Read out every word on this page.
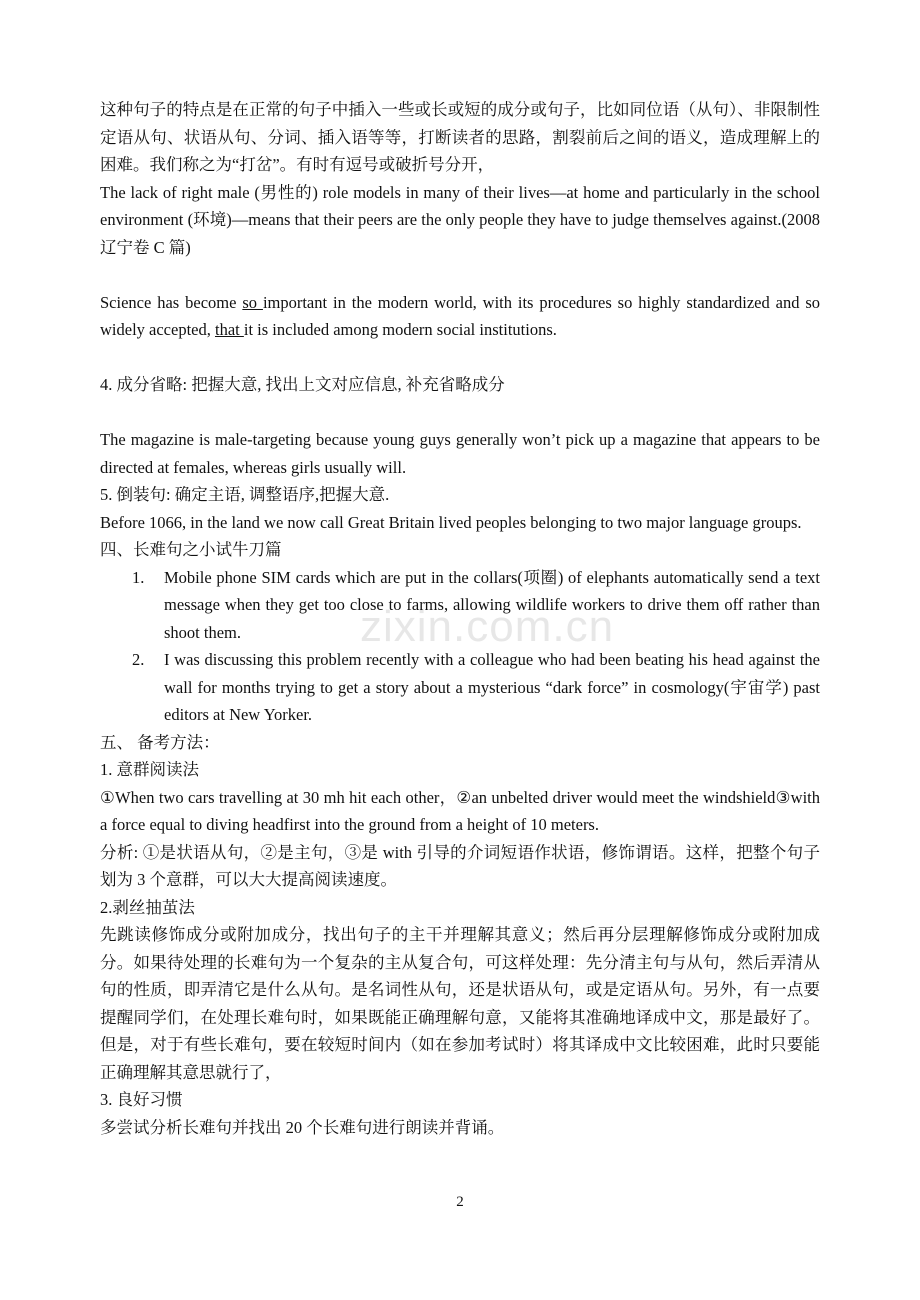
zixin.com.cn

这种句子的特点是在正常的句子中插入一些或长或短的成分或句子，比如同位语（从句）、非限制性定语从句、状语从句、分词、插入语等等，打断读者的思路，割裂前后之间的语义，造成理解上的困难。我们称之为“打岔”。有时有逗号或破折号分开，

The lack of right male (男性的) role models in many of their lives—at home and particularly in the school environment (环境)—means that their peers are the only people they have to judge themselves against.(2008 辽宁卷 C 篇)

Science has become so important in the modern world, with its procedures so highly standardized and so widely accepted, that it is included among modern social institutions.

4. 成分省略: 把握大意, 找出上文对应信息, 补充省略成分

The magazine is male-targeting because young guys generally won’t pick up a magazine that appears to be directed at females, whereas girls usually will.

5. 倒装句: 确定主语, 调整语序,把握大意.

Before 1066, in the land we now call Great Britain lived peoples belonging to two major language groups.

四、长难句之小试牛刀篇

1. Mobile phone SIM cards which are put in the collars(项圈) of elephants automatically send a text message when they get too close to farms, allowing wildlife workers to drive them off rather than shoot them.
2. I was discussing this problem recently with a colleague who had been beating his head against the wall for months trying to get a story about a mysterious “dark force” in cosmology(宇宙学) past editors at New Yorker.

五、 备考方法：

1. 意群阅读法

①When two cars travelling at 30 mh hit each other，②an unbelted driver would meet the windshield③with a force equal to diving headfirst into the ground from a height of 10 meters.

分析: ①是状语从句，②是主句，③是 with 引导的介词短语作状语，修饰谓语。这样，把整个句子划为 3 个意群，可以大大提高阅读速度。

2.剥丝抽茧法

先跳读修饰成分或附加成分，找出句子的主干并理解其意义；然后再分层理解修饰成分或附加成分。如果待处理的长难句为一个复杂的主从复合句，可这样处理：先分清主句与从句，然后弄清从句的性质，即弄清它是什么从句。是名词性从句，还是状语从句，或是定语从句。另外，有一点要提醒同学们，在处理长难句时，如果既能正确理解句意，又能将其准确地译成中文，那是最好了。但是，对于有些长难句，要在较短时间内（如在参加考试时）将其译成中文比较困难，此时只要能正确理解其意思就行了，

3. 良好习惯

多尝试分析长难句并找出 20 个长难句进行朗读并背诵。

2
